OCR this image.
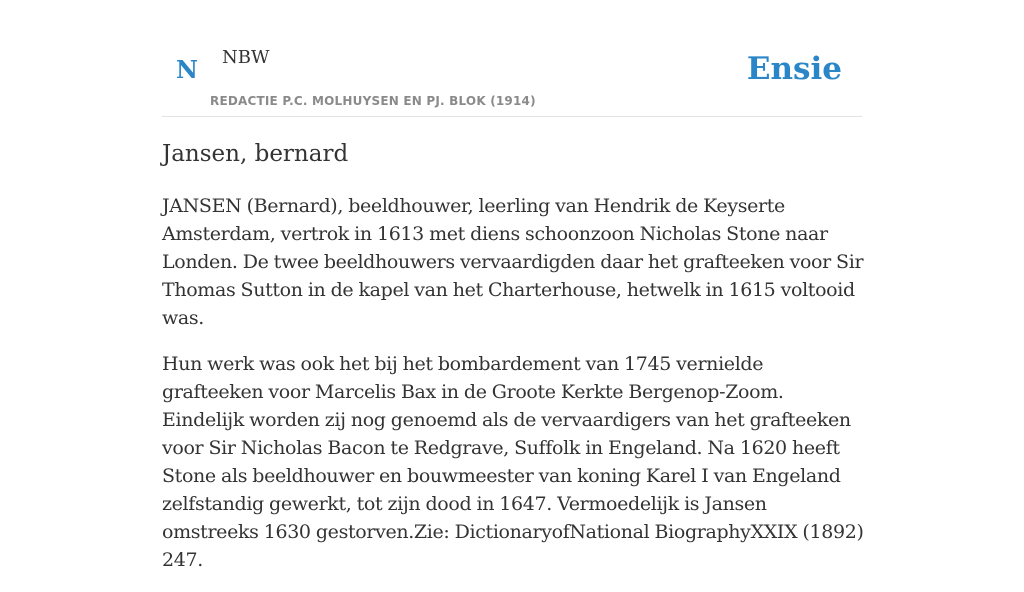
N NBW
REDACTIE P.C. MOLHUYSEN EN PJ. BLOK (1914)
Ensie
Jansen, bernard

JANSEN (Bernard), beeldhouwer, leerling van Hendrik de Keyserte Amsterdam, vertrok in 1613 met diens schoonzoon Nicholas Stone naar Londen. De twee beeldhouwers vervaardigden daar het grafteeken voor Sir Thomas Sutton in de kapel van het Charterhouse, hetwelk in 1615 voltooid was.

Hun werk was ook het bij het bombardement van 1745 vernielde grafteeken voor Marcelis Bax in de Groote Kerkte Bergenop-Zoom. Eindelijk worden zij nog genoemd als de vervaardigers van het grafteeken voor Sir Nicholas Bacon te Redgrave, Suffolk in Engeland. Na 1620 heeft Stone als beeldhouwer en bouwmeester van koning Karel I van Engeland zelfstandig gewerkt, tot zijn dood in 1647. Vermoedelijk is Jansen omstreeks 1630 gestorven.Zie: DictionaryofNational BiographyXXIX (1892) 247.
